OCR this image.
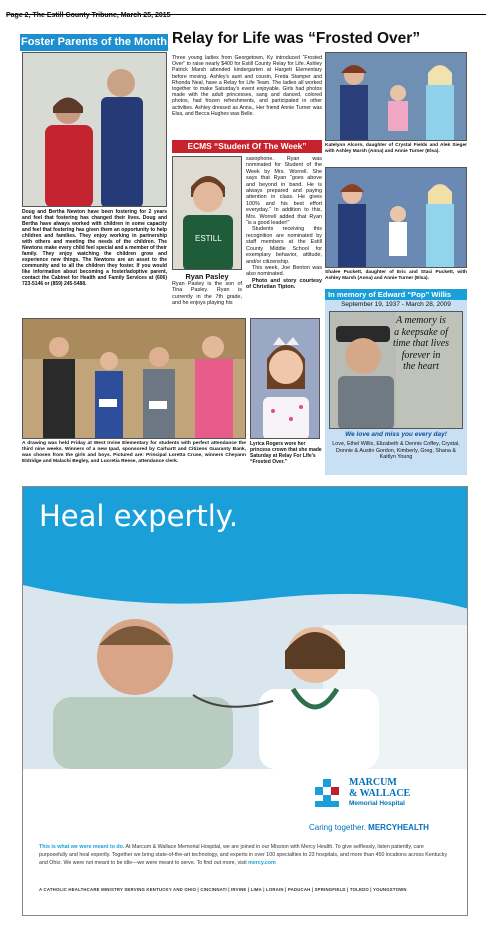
Page 2, The Estill County Tribune, March 25, 2015
Foster Parents of the Month
Doug and Bertha Newton have been fostering for 2 years and feel that fostering has changed their lives. Doug and Bertha have always worked with children in some capacity and feel that fostering has given them an opportunity to help children and families. They enjoy working in partnership with others and meeting the needs of the children. The Newtons make every child feel special and a member of their family. They enjoy watching the children grow and experience new things. The Newtons are an asset to the community and to all the children they foster. If you would like information about becoming a foster/adoptive parent, contact the Cabinet for Health and Family Services at (606) 723-5146 or (859) 245-5488.
Relay for Life was “Frosted Over”
Three young ladies from Georgetown, Ky introduced “Frosted Over” to raise nearly $400 for Estill County Relay for Life. Ashley Patrick Marsh attended kindergarten at Hargett Elementary before moving. Ashley’s aunt and cousin, Freda Stamper and Rhonda Neal, have a Relay for Life Team. The ladies all worked together to make Saturday’s event enjoyable. Girls had photos made with the adult princesses, sang and danced, colored photos, had frozen refreshments, and participated in other activities. Ashley dressed as Anna., Her friend Annie Turner was Elsa, and Becca Hughes was Belle.
Katelynn Alcorn, daughter of Crystal Fields and Alek Sieger with Ashley Marsh (Anna) and Annie Turner (Elsa).
Shalee Puckett, daughter of Eric and Staci Puckett, with Ashley Marsh (Anna) and Annie Turner (Elsa).
ECMS “Student Of The Week”
ESTILL
Ryan Pasley
Ryan Pasley is the son of Tina Pasley. Ryan is currently in the 7th grade, and he enjoys playing his
saxophone. Ryan was nominated for Student of the Week by Mrs. Worrell. She says that Ryan “goes above and beyond in band. He is always prepared and paying attention in class. He gives 100% and his best effort everyday.” In addition to this, Mrs. Worrell added that Ryan “is a good leader!”
Students receiving this recognition are nominated by staff members at the Estill County Middle School for exemplary behavior, attitude, and/or citizenship.
This week, Joe Benton was also nominated.
Photo and story courtesy of Christian Tipton.
In memory of Edward “Pop” Willis
September 19, 1937 - March 28, 2009
A memory is
a keepsake of
time that lives
forever in
the heart
We love and miss you every day!
Love, Ethel Willis, Elizabeth & Dennis Coffey, Crystal, Donnie & Austin Gordon, Kimberly, Greg, Shana & Kaitlyn Young
A drawing was held Friday at West Irvine Elementary for students with perfect attendance the third nine weeks. Winners of a new Ipad, sponsored by Carhartt and Citizens Guaranty Bank, was chosen from the girls and boys. Pictured are: Principal Loretta Cruse, winners Cheyann Eldridge and Malachi Begley, and Lucretia Reese, attendance clerk.
Lyrica Rogers wore her princess crown that she made Saturday at Relay For Life’s “Frosted Over.”
Heal expertly.
MARCUM
& WALLACE
Memorial Hospital
Caring together. MERCYHEALTH
This is what we were meant to do. At Marcum & Wallace Memorial Hospital, we are joined in our Mission with Mercy Health. To give selflessly, listen patiently, care purposefully and heal expertly. Together we bring state-of-the-art technology, and experts in over 100 specialties to 23 hospitals, and more than 450 locations across Kentucky and Ohio. We were not meant to be idle—we were meant to serve. To find out more, visit mercy.com
A CATHOLIC HEALTHCARE MINISTRY SERVING KENTUCKY AND OHIO | CINCINNATI | IRVINE | LIMA | LORAIN | PADUCAH | SPRINGFIELD | TOLEDO | YOUNGSTOWN
